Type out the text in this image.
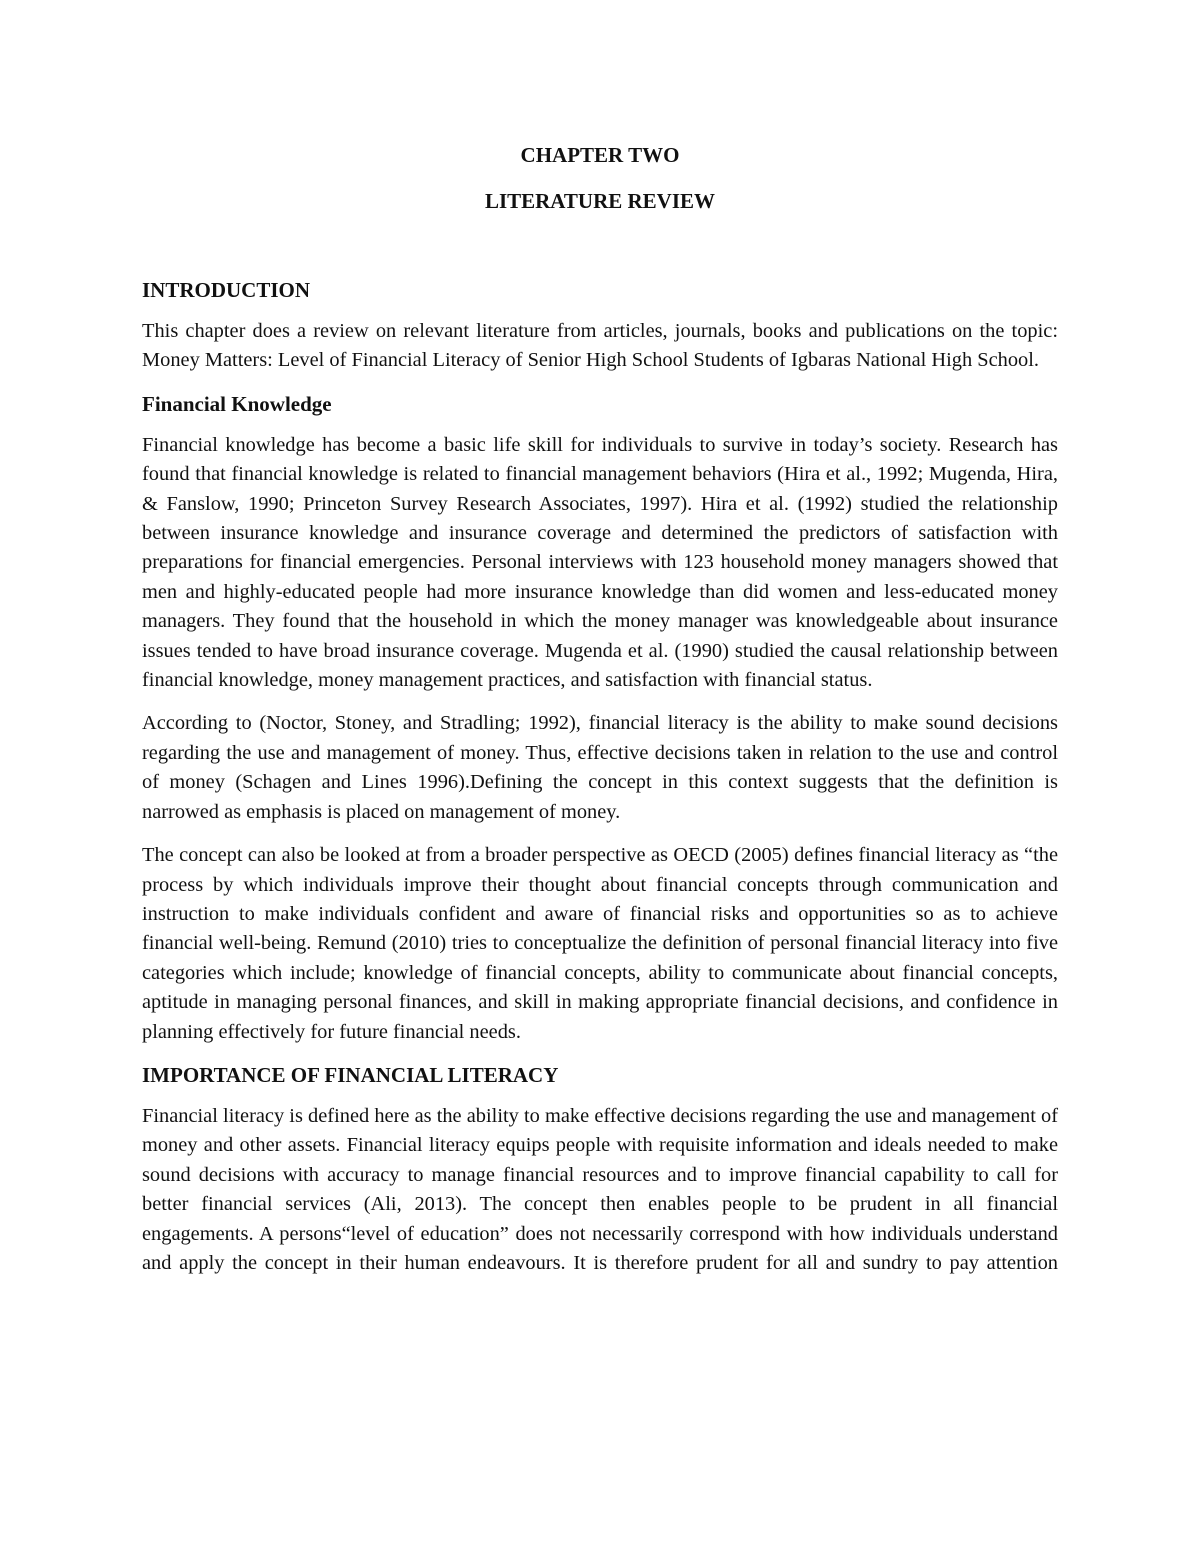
CHAPTER TWO

LITERATURE REVIEW

INTRODUCTION

This chapter does a review on relevant literature from articles, journals, books and publications on the topic: Money Matters: Level of Financial Literacy of Senior High School Students of Igbaras National High School.

Financial Knowledge

Financial knowledge has become a basic life skill for individuals to survive in today’s society. Research has found that financial knowledge is related to financial management behaviors (Hira et al., 1992; Mugenda, Hira, & Fanslow, 1990; Princeton Survey Research Associates, 1997). Hira et al. (1992) studied the relationship between insurance knowledge and insurance coverage and determined the predictors of satisfaction with preparations for financial emergencies. Personal interviews with 123 household money managers showed that men and highly-educated people had more insurance knowledge than did women and less-educated money managers. They found that the household in which the money manager was knowledgeable about insurance issues tended to have broad insurance coverage. Mugenda et al. (1990) studied the causal relationship between financial knowledge, money management practices, and satisfaction with financial status.

According to (Noctor, Stoney, and Stradling; 1992), financial literacy is the ability to make sound decisions regarding the use and management of money. Thus, effective decisions taken in relation to the use and control of money (Schagen and Lines 1996).Defining the concept in this context suggests that the definition is narrowed as emphasis is placed on management of money.

The concept can also be looked at from a broader perspective as OECD (2005) defines financial literacy as “the process by which individuals improve their thought about financial concepts through communication and instruction to make individuals confident and aware of financial risks and opportunities so as to achieve financial well-being. Remund (2010) tries to conceptualize the definition of personal financial literacy into five categories which include; knowledge of financial concepts, ability to communicate about financial concepts, aptitude in managing personal finances, and skill in making appropriate financial decisions, and confidence in planning effectively for future financial needs.

IMPORTANCE OF FINANCIAL LITERACY

Financial literacy is defined here as the ability to make effective decisions regarding the use and management of money and other assets. Financial literacy equips people with requisite information and ideals needed to make sound decisions with accuracy to manage financial resources and to improve financial capability to call for better financial services (Ali, 2013). The concept then enables people to be prudent in all financial engagements. A persons“level of education” does not necessarily correspond with how individuals understand and apply the concept in their human endeavours. It is therefore prudent for all and sundry to pay attention
